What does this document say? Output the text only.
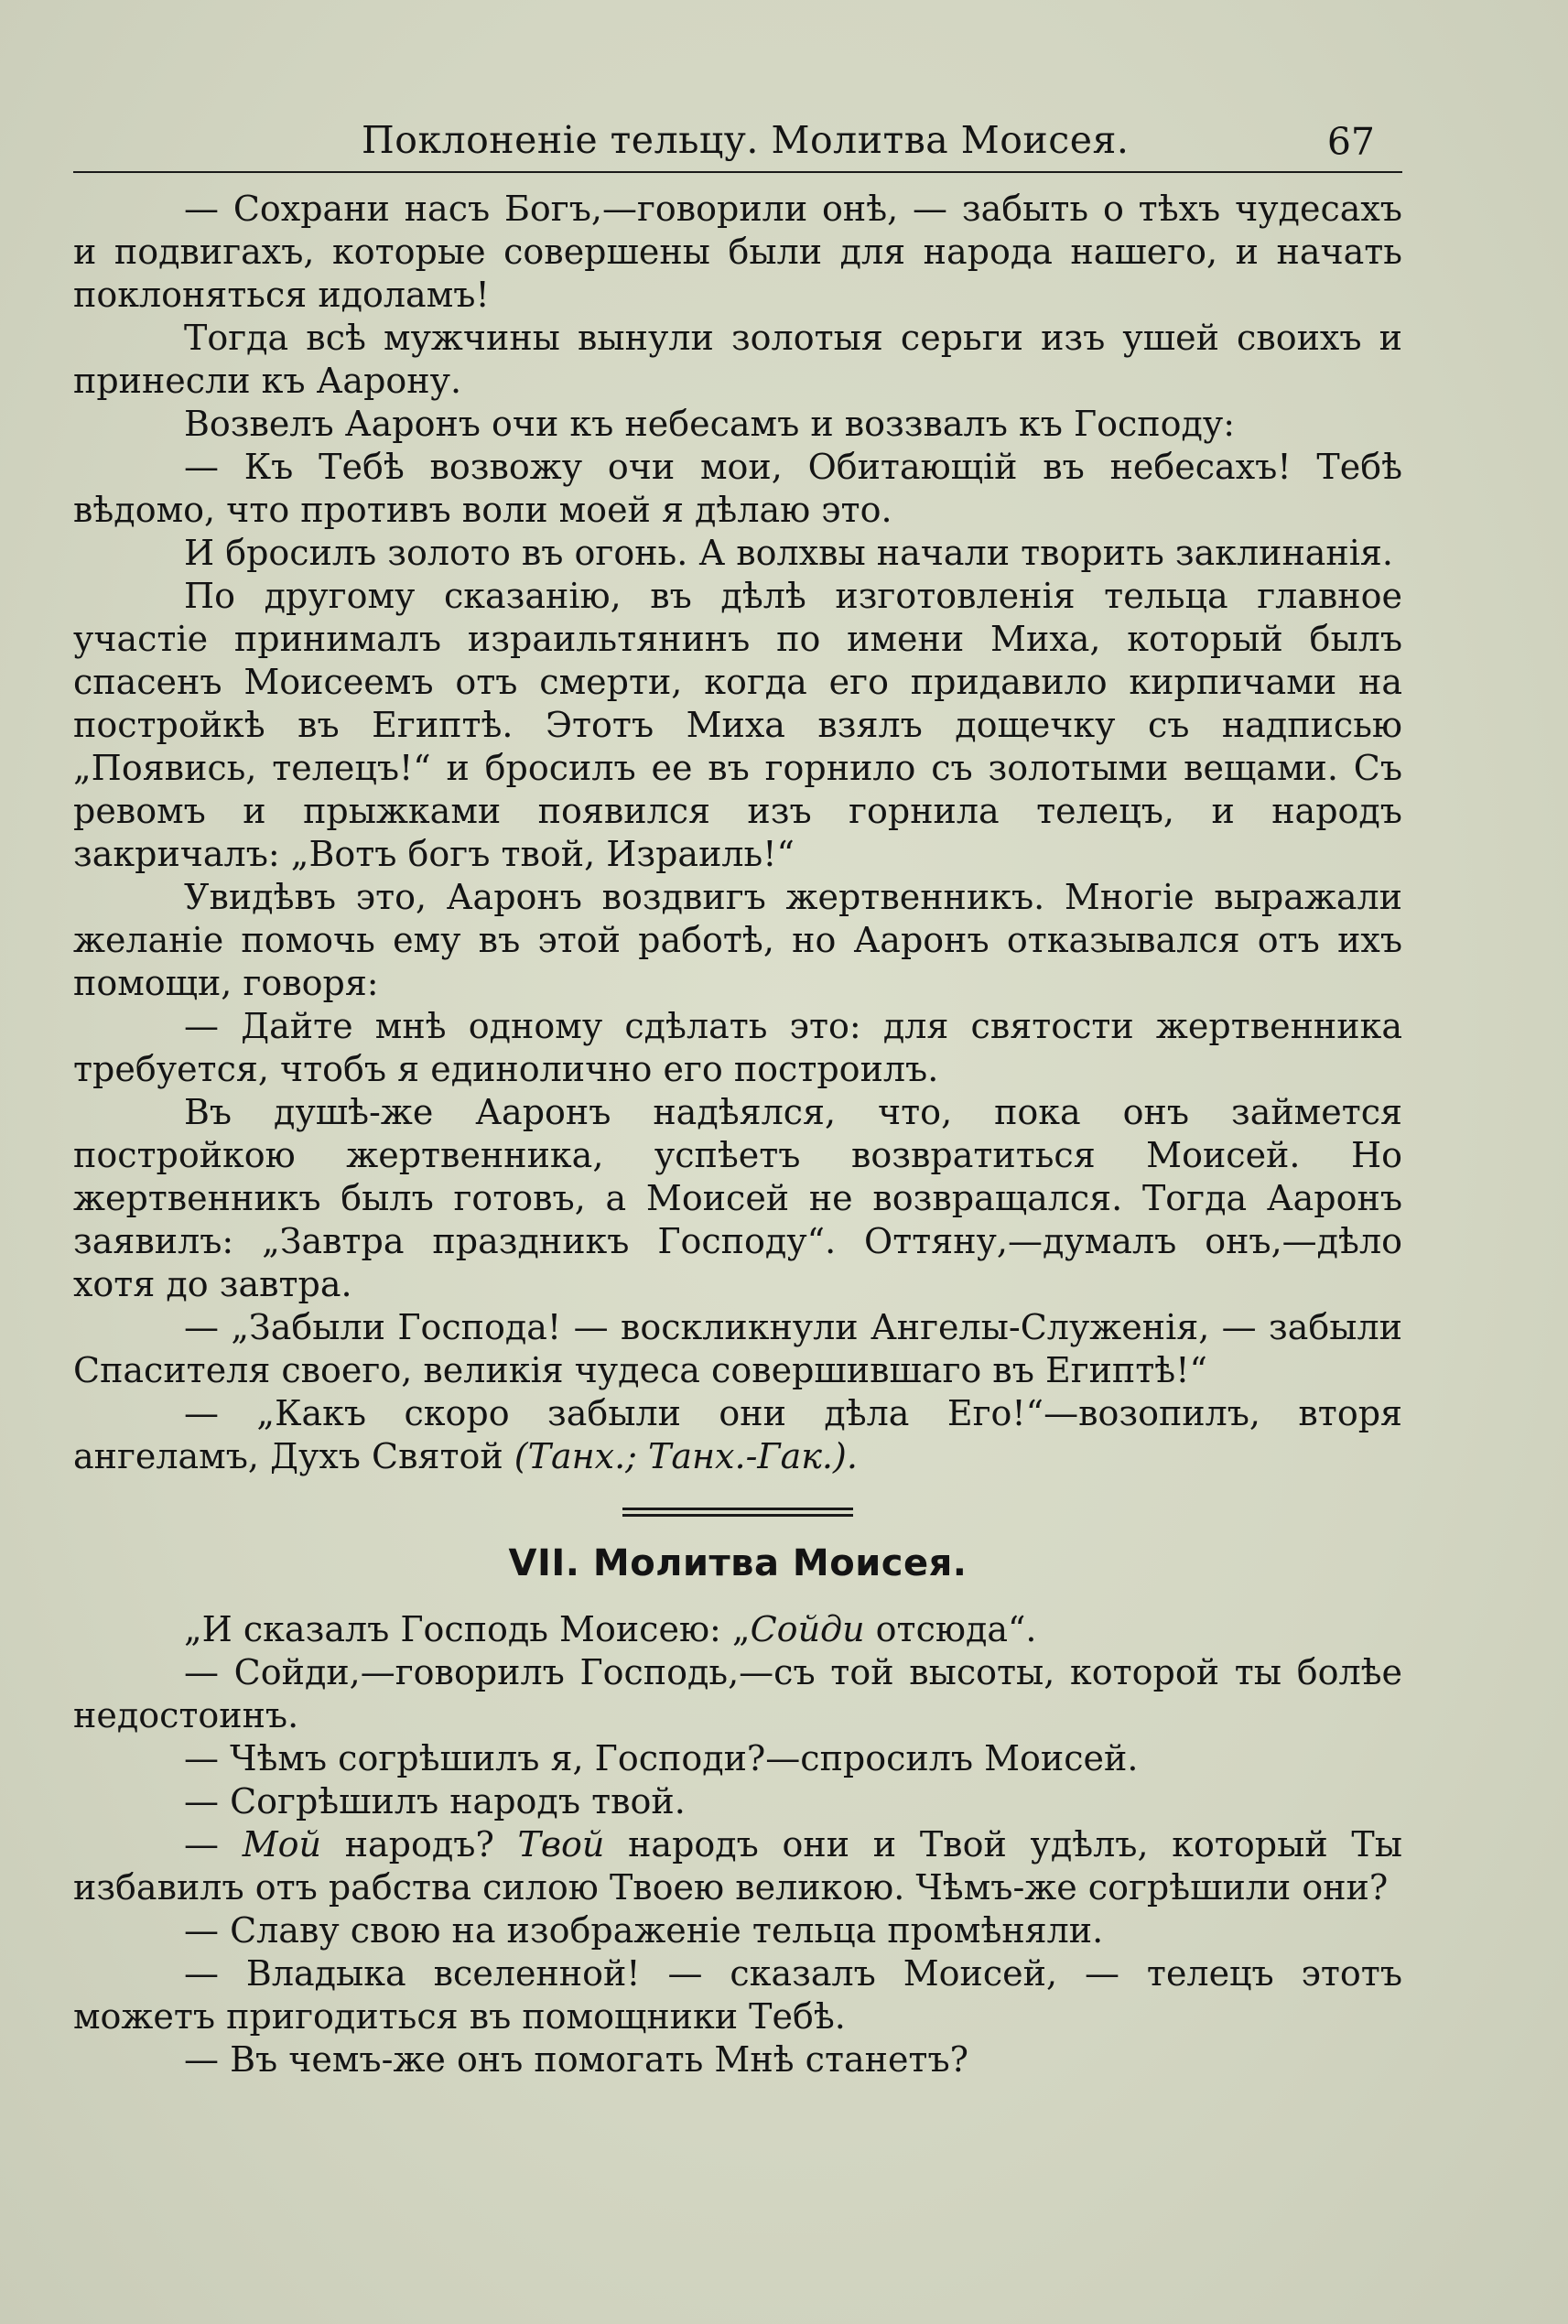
Поклоненіе тельцу. Молитва Моисея.	67

— Сохрани насъ Богъ,—говорили онѣ, — забыть о тѣхъ чудесахъ и подвигахъ, которые совершены были для народа нашего, и начать поклоняться идоламъ!

Тогда всѣ мужчины вынули золотыя серьги изъ ушей своихъ и принесли къ Аарону.

Возвелъ Ааронъ очи къ небесамъ и воззвалъ къ Господу:

— Къ Тебѣ возвожу очи мои, Обитающій въ небесахъ! Тебѣ вѣдомо, что противъ воли моей я дѣлаю это.

И бросилъ золото въ огонь. А волхвы начали творить заклинанія.

По другому сказанію, въ дѣлѣ изготовленія тельца главное участіе принималъ израильтянинъ по имени Миха, который былъ спасенъ Моисеемъ отъ смерти, когда его придавило кирпичами на постройкѣ въ Египтѣ. Этотъ Миха взялъ дощечку съ надписью „Появись, телецъ!“ и бросилъ ее въ горнило съ золотыми вещами. Съ ревомъ и прыжками появился изъ горнила телецъ, и народъ закричалъ: „Вотъ богъ твой, Израиль!“

Увидѣвъ это, Ааронъ воздвигъ жертвенникъ. Многіе выражали желаніе помочь ему въ этой работѣ, но Ааронъ отказывался отъ ихъ помощи, говоря:

— Дайте мнѣ одному сдѣлать это: для святости жертвенника требуется, чтобъ я единолично его построилъ.

Въ душѣ-же Ааронъ надѣялся, что, пока онъ займется постройкою жертвенника, успѣетъ возвратиться Моисей. Но жертвенникъ былъ готовъ, а Моисей не возвращался. Тогда Ааронъ заявилъ: „Завтра праздникъ Господу“. Оттяну,—думалъ онъ,—дѣло хотя до завтра.

— „Забыли Господа! — воскликнули Ангелы-Служенія, — забыли Спасителя своего, великія чудеса совершившаго въ Египтѣ!“

— „Какъ скоро забыли они дѣла Его!“—возопилъ, вторя ангеламъ, Духъ Святой (Танх.; Танх.-Гак.).

VII. Молитва Моисея.

„И сказалъ Господь Моисею: „Сойди отсюда“.

— Сойди,—говорилъ Господь,—съ той высоты, которой ты болѣе недостоинъ.

— Чѣмъ согрѣшилъ я, Господи?—спросилъ Моисей.

— Согрѣшилъ народъ твой.

— Мой народъ? Твой народъ они и Твой удѣлъ, который Ты избавилъ отъ рабства силою Твоею великою. Чѣмъ-же согрѣшили они?

— Славу свою на изображеніе тельца промѣняли.

— Владыка вселенной! — сказалъ Моисей, — телецъ этотъ можетъ пригодиться въ помощники Тебѣ.

— Въ чемъ-же онъ помогать Мнѣ станетъ?
